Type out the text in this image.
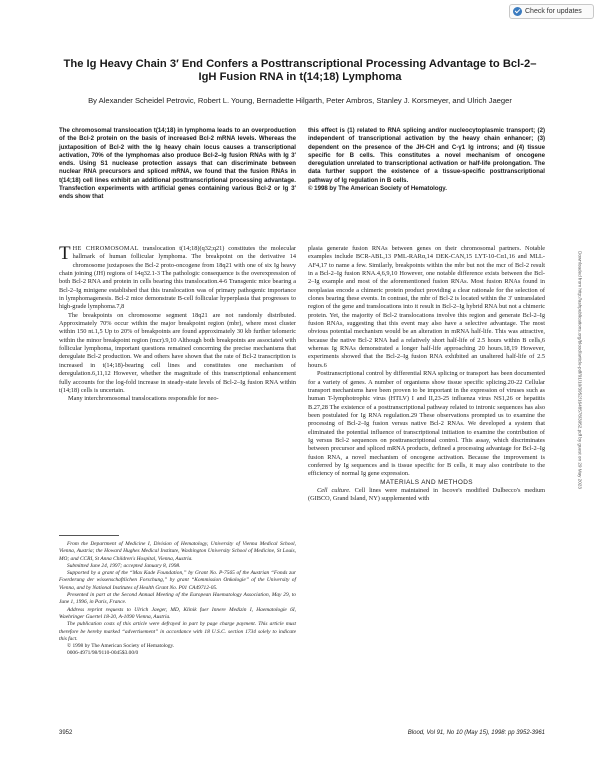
Check for updates
The Ig Heavy Chain 3′ End Confers a Posttranscriptional Processing Advantage to Bcl-2–IgH Fusion RNA in t(14;18) Lymphoma
By Alexander Scheidel Petrovic, Robert L. Young, Bernadette Hilgarth, Peter Ambros, Stanley J. Korsmeyer, and Ulrich Jaeger
The chromosomal translocation t(14;18) in lymphoma leads to an overproduction of the Bcl-2 protein on the basis of increased Bcl-2 mRNA levels. Whereas the juxtaposition of Bcl-2 with the Ig heavy chain locus causes a transcriptional activation, 70% of the lymphomas also produce Bcl-2–Ig fusion RNAs with Ig 3′ ends. Using S1 nuclease protection assays that can discriminate between nuclear RNA precursors and spliced mRNA, we found that the fusion RNAs in t(14;18) cell lines exhibit an additional posttranscriptional processing advantage. Transfection experiments with artificial genes containing various Bcl-2 or Ig 3′ ends show that
this effect is (1) related to RNA splicing and/or nucleocytoplasmic transport; (2) independent of transcriptional activation by the heavy chain enhancer; (3) dependent on the presence of the JH-CH and C-γ1 Ig introns; and (4) tissue specific for B cells. This constitutes a novel mechanism of oncogene deregulation unrelated to transcriptional activation or half-life prolongation. The data further support the existence of a tissue-specific posttranscriptional pathway of Ig regulation in B cells.
© 1998 by The American Society of Hematology.

THE CHROMOSOMAL translocation t(14;18)(q32;q21) constitutes the molecular hallmark of human follicular lymphoma. The breakpoint on the derivative 14 chromosome juxtaposes the Bcl-2 proto-oncogene from 18q21 with one of six Ig heavy chain joining (JH) regions of 14q32.1-3 The pathologic consequence is the overexpression of both Bcl-2 RNA and protein in cells bearing this translocation.4-6 Transgenic mice bearing a Bcl-2–Ig minigene established that this translocation was of primary pathogenic importance in lymphomagenesis. Bcl-2 mice demonstrate B-cell follicular hyperplasia that progresses to high-grade lymphoma.7,8

The breakpoints on chromosome segment 18q21 are not randomly distributed. Approximately 70% occur within the major breakpoint region (mbr), where most cluster within 150 nt.1,5 Up to 20% of breakpoints are found approximately 30 kb further telomeric within the minor breakpoint region (mcr).9,10 Although both breakpoints are associated with follicular lymphoma, important questions remained concerning the precise mechanisms that deregulate Bcl-2 production. We and others have shown that the rate of Bcl-2 transcription is increased in t(14;18)-bearing cell lines and constitutes one mechanism of deregulation.6,11,12 However, whether the magnitude of this transcriptional enhancement fully accounts for the log-fold increase in steady-state levels of Bcl-2–Ig fusion RNA within t(14;18) cells is uncertain.

Many interchromosomal translocations responsible for neo-

From the Department of Medicine I, Division of Hematology, University of Vienna Medical School, Vienna, Austria; the Howard Hughes Medical Institute, Washington University School of Medicine, St Louis, MO; and CCRI, St Anna Children's Hospital, Vienna, Austria.

Submitted June 24, 1997; accepted January 8, 1998.

Supported by a grant of the “Max Kade Foundation,” by Grant No. P-7565 of the Austrian “Fonds zur Foerderung der wissenschaftlichen Forschung,” by grant “Kommission Onkologie” of the University of Vienna, and by National Institutes of Health Grant No. P01 CA49712-05.

Presented in part at the Second Annual Meeting of the European Haematology Association, May 29, to June 1, 1996, in Paris, France.

Address reprint requests to Ulrich Jaeger, MD, Klinik fuer Innere Medizin I, Haematologie 6I, Waehringer Guertel 18-20, A-1090 Vienna, Austria.

The publication costs of this article were defrayed in part by page charge payment. This article must therefore be hereby marked “advertisement” in accordance with 18 U.S.C. section 1734 solely to indicate this fact.

© 1998 by The American Society of Hematology.

0006-4971/98/9110-0045$3.00/0

plasia generate fusion RNAs between genes on their chromosomal partners. Notable examples include BCR-ABL,13 PML-RARα,14 DEK-CAN,15 LYT-10-Cα1,16 and MLL-AF4,17 to name a few. Similarly, breakpoints within the mbr but not the mcr of Bcl-2 result in a Bcl-2–Ig fusion RNA.4,6,9,10 However, one notable difference exists between the Bcl-2–Ig example and most of the aforementioned fusion RNAs. Most fusion RNAs found in neoplasias encode a chimeric protein product providing a clear rationale for the selection of clones bearing these events. In contrast, the mbr of Bcl-2 is located within the 3′ untranslated region of the gene and translocations into it result in Bcl-2–Ig hybrid RNA but not a chimeric protein. Yet, the majority of Bcl-2 translocations involve this region and generate Bcl-2–Ig fusion RNAs, suggesting that this event may also have a selective advantage. The most obvious potential mechanism would be an alteration in mRNA half-life. This was attractive, because the native Bcl-2 RNA had a relatively short half-life of 2.5 hours within B cells,6 whereas Ig RNAs demonstrated a longer half-life approaching 20 hours.18,19 However, experiments showed that the Bcl-2–Ig fusion RNA exhibited an unaltered half-life of 2.5 hours.6

Posttranscriptional control by differential RNA splicing or transport has been documented for a variety of genes. A number of organisms show tissue specific splicing.20-22 Cellular transport mechanisms have been proven to be important in the expression of viruses such as human T-lymphotrophic virus (HTLV) I and II,23-25 influenza virus NS1,26 or hepatitis B.27,28 The existence of a posttranscriptional pathway related to intronic sequences has also been postulated for Ig RNA regulation.29 These observations prompted us to examine the processing of Bcl-2–Ig fusion versus native Bcl-2 RNAs. We developed a system that eliminated the potential influence of transcriptional initiation to examine the contribution of Ig versus Bcl-2 sequences on posttranscriptional control. This assay, which discriminates between precursor and spliced mRNA products, defined a processing advantage for Bcl-2–Ig fusion RNA, a novel mechanism of oncogene activation. Because the improvement is conferred by Ig sequences and is tissue specific for B cells, it may also contribute to the efficiency of normal Ig gene expression.

MATERIALS AND METHODS

Cell culture. Cell lines were maintained in Iscove's modified Dulbecco's medium (GIBCO, Grand Island, NY) supplemented with

3952	Blood, Vol 91, No 10 (May 15), 1998: pp 3952-3961
Downloaded from http://ashpublications.org/blood/article-pdf/91/10/3952/1648578/3952.pdf by guest on 29 May 2023
